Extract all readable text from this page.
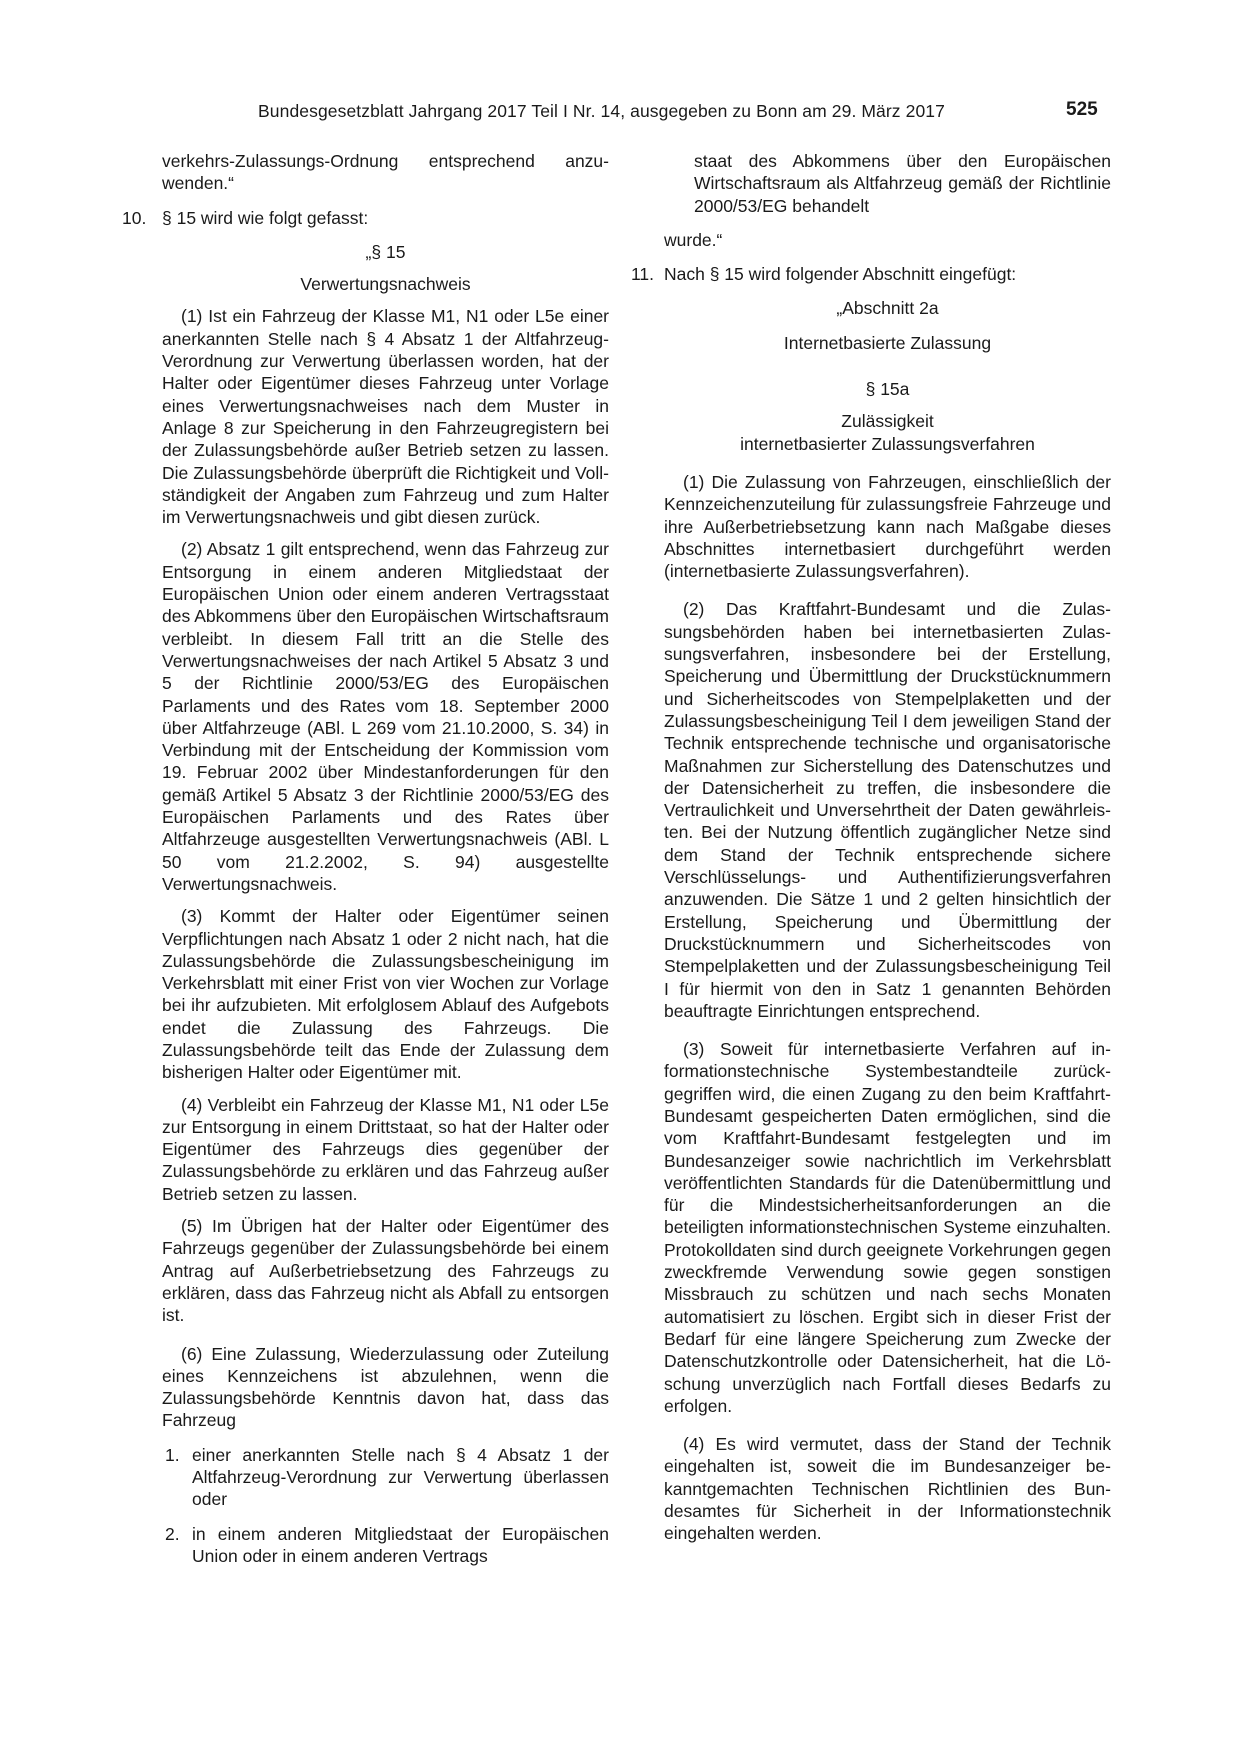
Bundesgesetzblatt Jahrgang 2017 Teil I Nr. 14, ausgegeben zu Bonn am 29. März 2017	525

verkehrs-Zulassungs-Ordnung entsprechend anzuwenden.“

10. § 15 wird wie folgt gefasst:

„§ 15

Verwertungsnachweis

(1) Ist ein Fahrzeug der Klasse M1, N1 oder L5e einer anerkannten Stelle nach § 4 Absatz 1 der Altfahrzeug-Verordnung zur Verwertung überlassen worden, hat der Halter oder Eigentümer dieses Fahrzeug unter Vorlage eines Verwertungsnachweises nach dem Muster in Anlage 8 zur Speicherung in den Fahrzeugregistern bei der Zulassungsbehörde außer Betrieb setzen zu lassen. Die Zulassungsbehörde überprüft die Richtigkeit und Vollständigkeit der Angaben zum Fahrzeug und zum Halter im Verwertungsnachweis und gibt diesen zurück.

(2) Absatz 1 gilt entsprechend, wenn das Fahrzeug zur Entsorgung in einem anderen Mitgliedstaat der Europäischen Union oder einem anderen Vertragsstaat des Abkommens über den Europäischen Wirtschaftsraum verbleibt. In diesem Fall tritt an die Stelle des Verwertungsnachweises der nach Artikel 5 Absatz 3 und 5 der Richtlinie 2000/53/EG des Europäischen Parlaments und des Rates vom 18. September 2000 über Altfahrzeuge (ABl. L 269 vom 21.10.2000, S. 34) in Verbindung mit der Entscheidung der Kommission vom 19. Februar 2002 über Mindestanforderungen für den gemäß Artikel 5 Absatz 3 der Richtlinie 2000/53/EG des Europäischen Parlaments und des Rates über Altfahrzeuge ausgestellten Verwertungsnachweis (ABl. L 50 vom 21.2.2002, S. 94) ausgestellte Verwertungsnachweis.

(3) Kommt der Halter oder Eigentümer seinen Verpflichtungen nach Absatz 1 oder 2 nicht nach, hat die Zulassungsbehörde die Zulassungsbescheinigung im Verkehrsblatt mit einer Frist von vier Wochen zur Vorlage bei ihr aufzubieten. Mit erfolglosem Ablauf des Aufgebots endet die Zulassung des Fahrzeugs. Die Zulassungsbehörde teilt das Ende der Zulassung dem bisherigen Halter oder Eigentümer mit.

(4) Verbleibt ein Fahrzeug der Klasse M1, N1 oder L5e zur Entsorgung in einem Drittstaat, so hat der Halter oder Eigentümer des Fahrzeugs dies gegenüber der Zulassungsbehörde zu erklären und das Fahrzeug außer Betrieb setzen zu lassen.

(5) Im Übrigen hat der Halter oder Eigentümer des Fahrzeugs gegenüber der Zulassungsbehörde bei einem Antrag auf Außerbetriebsetzung des Fahrzeugs zu erklären, dass das Fahrzeug nicht als Abfall zu entsorgen ist.

(6) Eine Zulassung, Wiederzulassung oder Zuteilung eines Kennzeichens ist abzulehnen, wenn die Zulassungsbehörde Kenntnis davon hat, dass das Fahrzeug

1. einer anerkannten Stelle nach § 4 Absatz 1 der Altfahrzeug-Verordnung zur Verwertung überlassen oder

2. in einem anderen Mitgliedstaat der Europäischen Union oder in einem anderen Vertrags

staat des Abkommens über den Europäischen Wirtschaftsraum als Altfahrzeug gemäß der Richtlinie 2000/53/EG behandelt

wurde.“

11. Nach § 15 wird folgender Abschnitt eingefügt:

„Abschnitt 2a

Internetbasierte Zulassung

§ 15a

Zulässigkeit

internetbasierter Zulassungsverfahren

(1) Die Zulassung von Fahrzeugen, einschließlich der Kennzeichenzuteilung für zulassungsfreie Fahrzeuge und ihre Außerbetriebsetzung kann nach Maßgabe dieses Abschnittes internetbasiert durchgeführt werden (internetbasierte Zulassungsverfahren).

(2) Das Kraftfahrt-Bundesamt und die Zulassungsbehörden haben bei internetbasierten Zulassungsverfahren, insbesondere bei der Erstellung, Speicherung und Übermittlung der Druckstücknummern und Sicherheitscodes von Stempelplaketten und der Zulassungsbescheinigung Teil I dem jeweiligen Stand der Technik entsprechende technische und organisatorische Maßnahmen zur Sicherstellung des Datenschutzes und der Datensicherheit zu treffen, die insbesondere die Vertraulichkeit und Unversehrtheit der Daten gewährleisten. Bei der Nutzung öffentlich zugänglicher Netze sind dem Stand der Technik entsprechende sichere Verschlüsselungs- und Authentifizierungsverfahren anzuwenden. Die Sätze 1 und 2 gelten hinsichtlich der Erstellung, Speicherung und Übermittlung der Druckstücknummern und Sicherheitscodes von Stempelplaketten und der Zulassungsbescheinigung Teil I für hiermit von den in Satz 1 genannten Behörden beauftragte Einrichtungen entsprechend.

(3) Soweit für internetbasierte Verfahren auf informationstechnische Systembestandteile zurückgegriffen wird, die einen Zugang zu den beim Kraftfahrt-Bundesamt gespeicherten Daten ermöglichen, sind die vom Kraftfahrt-Bundesamt festgelegten und im Bundesanzeiger sowie nachrichtlich im Verkehrsblatt veröffentlichten Standards für die Datenübermittlung und für die Mindestsicherheitsanforderungen an die beteiligten informationstechnischen Systeme einzuhalten. Protokolldaten sind durch geeignete Vorkehrungen gegen zweckfremde Verwendung sowie gegen sonstigen Missbrauch zu schützen und nach sechs Monaten automatisiert zu löschen. Ergibt sich in dieser Frist der Bedarf für eine längere Speicherung zum Zwecke der Datenschutzkontrolle oder Datensicherheit, hat die Löschung unverzüglich nach Fortfall dieses Bedarfs zu erfolgen.

(4) Es wird vermutet, dass der Stand der Technik eingehalten ist, soweit die im Bundesanzeiger bekanntgemachten Technischen Richtlinien des Bundesamtes für Sicherheit in der Informationstechnik eingehalten werden.
